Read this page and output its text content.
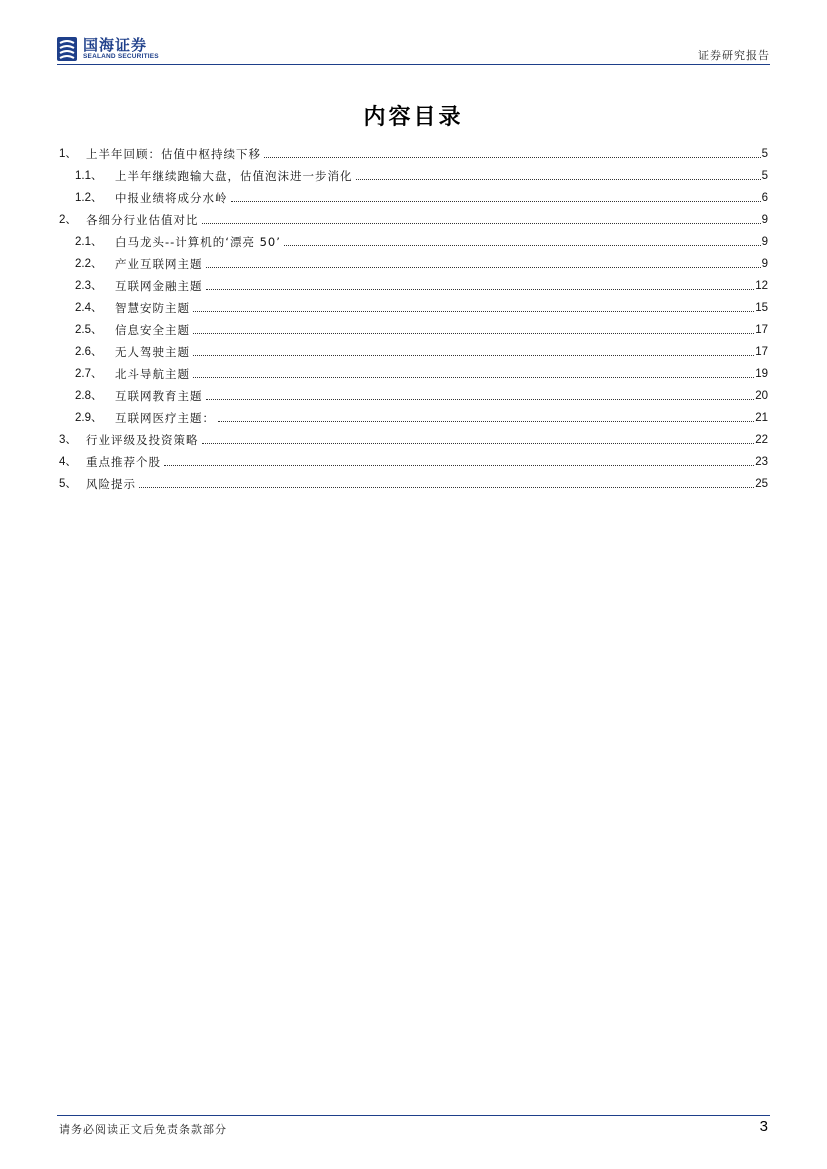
国海证券
SEALAND SECURITIES	证券研究报告
内容目录
1、 上半年回顾：估值中枢持续下移	5
1.1、	上半年继续跑输大盘，估值泡沫进一步消化	5
1.2、	中报业绩将成分水岭	6
2、 各细分行业估值对比	9
2.1、	白马龙头--计算机的‘漂亮 50’	9
2.2、	产业互联网主题	9
2.3、	互联网金融主题	12
2.4、	智慧安防主题	15
2.5、	信息安全主题	17
2.6、	无人驾驶主题	17
2.7、	北斗导航主题	19
2.8、	互联网教育主题	20
2.9、	互联网医疗主题：	21
3、 行业评级及投资策略	22
4、 重点推荐个股	23
5、 风险提示	25
请务必阅读正文后免责条款部分	3
